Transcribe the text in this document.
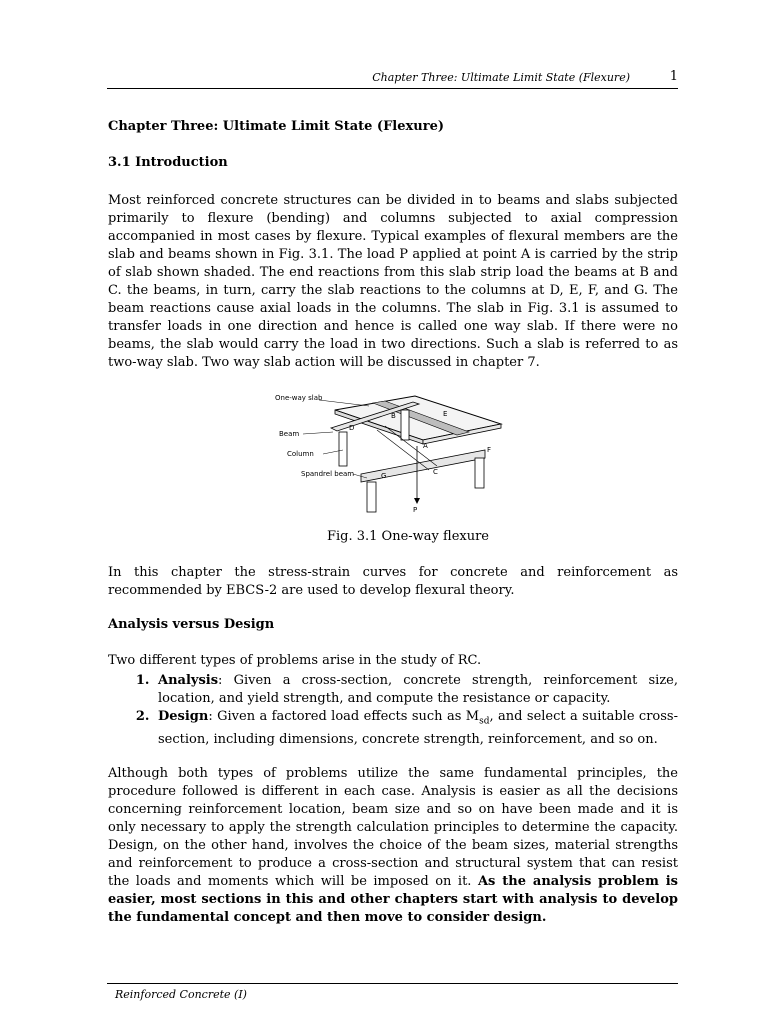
Chapter Three: Ultimate Limit State (Flexure)	1
Chapter Three: Ultimate Limit State (Flexure)
3.1 Introduction

Most reinforced concrete structures can be divided in to beams and slabs subjected primarily to flexure (bending) and columns subjected to axial compression accompanied in most cases by flexure. Typical examples of flexural members are the slab and beams shown in Fig. 3.1. The load P applied at point A is carried by the strip of slab shown shaded. The end reactions from this slab strip load the beams at B and C. the beams, in turn, carry the slab reactions to the columns at D, E, F, and G. The beam reactions cause axial loads in the columns. The slab in Fig. 3.1 is assumed to transfer loads in one direction and hence is called one way slab. If there were no beams, the slab would carry the load in two directions. Such a slab is referred to as two-way slab. Two way slab action will be discussed in chapter 7.

One-way slab
Beam
Column
Spandrel beam
B	E
D
A	F
G	C
P
Fig. 3.1 One-way flexure

In this chapter the stress-strain curves for concrete and reinforcement as recommended by EBCS-2 are used to develop flexural theory.

Analysis versus Design

Two different types of problems arise in the study of RC.

1. Analysis: Given a cross-section, concrete strength, reinforcement size, location, and yield strength, and compute the resistance or capacity.
2. Design: Given a factored load effects such as $M_{sd}$, and select a suitable cross-section, including dimensions, concrete strength, reinforcement, and so on.

Although both types of problems utilize the same fundamental principles, the procedure followed is different in each case. Analysis is easier as all the decisions concerning reinforcement location, beam size and so on have been made and it is only necessary to apply the strength calculation principles to determine the capacity. Design, on the other hand, involves the choice of the beam sizes, material strengths and reinforcement to produce a cross-section and structural system that can resist the loads and moments which will be imposed on it. As the analysis problem is easier, most sections in this and other chapters start with analysis to develop the fundamental concept and then move to consider design.

Reinforced Concrete (I)
